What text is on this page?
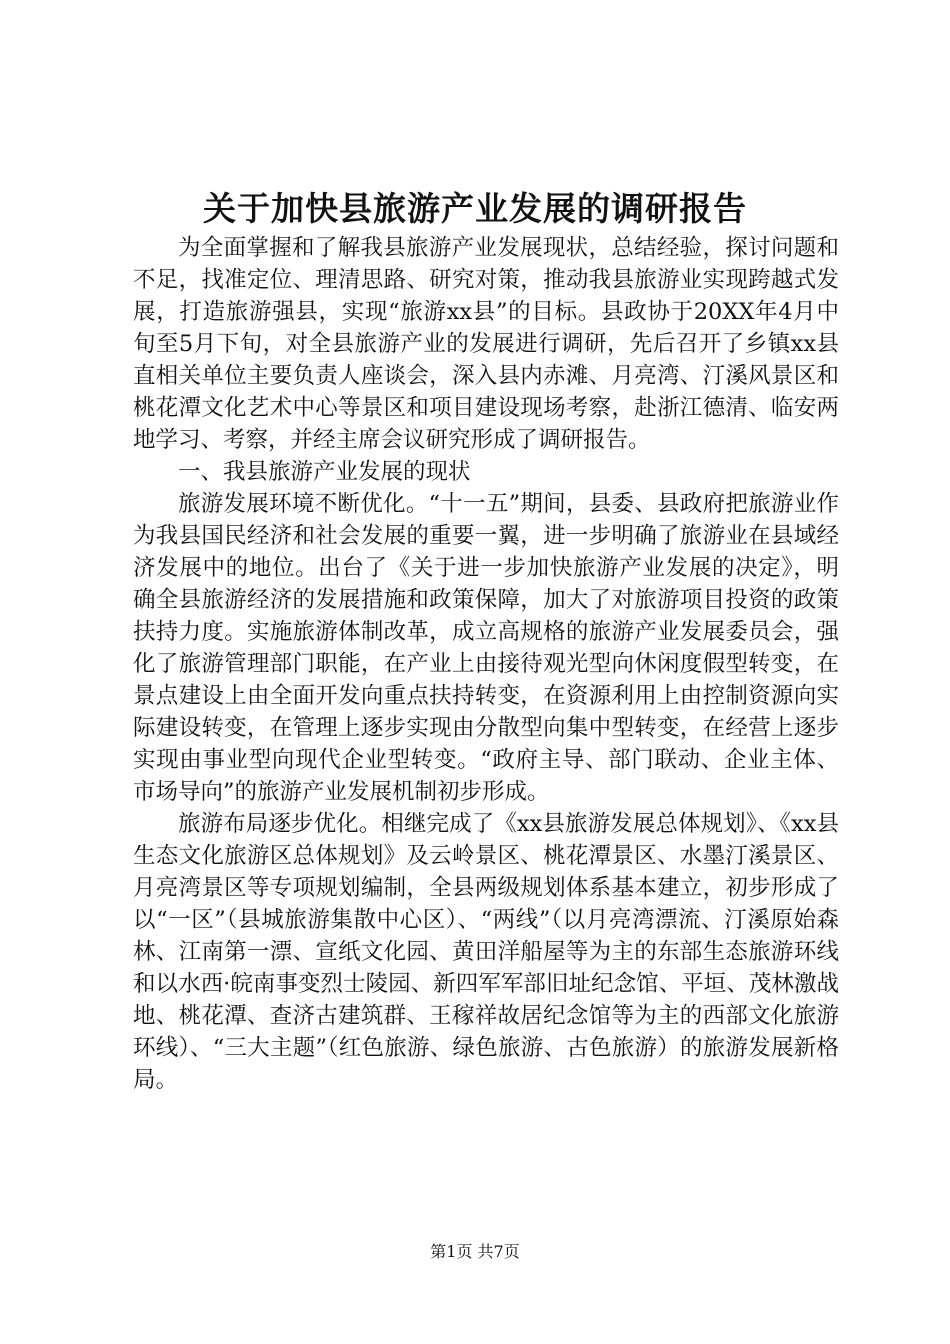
关于加快县旅游产业发展的调研报告

为全面掌握和了解我县旅游产业发展现状，总结经验，探讨问题和不足，找准定位、理清思路、研究对策，推动我县旅游业实现跨越式发展，打造旅游强县，实现“旅游xx县”的目标。县政协于20XX年4月中旬至5月下旬，对全县旅游产业的发展进行调研，先后召开了乡镇xx县直相关单位主要负责人座谈会，深入县内赤滩、月亮湾、汀溪风景区和桃花潭文化艺术中心等景区和项目建设现场考察，赴浙江德清、临安两地学习、考察，并经主席会议研究形成了调研报告。

一、我县旅游产业发展的现状

旅游发展环境不断优化。“十一五”期间，县委、县政府把旅游业作为我县国民经济和社会发展的重要一翼，进一步明确了旅游业在县域经济发展中的地位。出台了《关于进一步加快旅游产业发展的决定》，明确全县旅游经济的发展措施和政策保障，加大了对旅游项目投资的政策扶持力度。实施旅游体制改革，成立高规格的旅游产业发展委员会，强化了旅游管理部门职能，在产业上由接待观光型向休闲度假型转变，在景点建设上由全面开发向重点扶持转变，在资源利用上由控制资源向实际建设转变，在管理上逐步实现由分散型向集中型转变，在经营上逐步实现由事业型向现代企业型转变。“政府主导、部门联动、企业主体、市场导向”的旅游产业发展机制初步形成。

旅游布局逐步优化。相继完成了《xx县旅游发展总体规划》、《xx县生态文化旅游区总体规划》及云岭景区、桃花潭景区、水墨汀溪景区、月亮湾景区等专项规划编制，全县两级规划体系基本建立，初步形成了以“一区”（县城旅游集散中心区）、“两线”（以月亮湾漂流、汀溪原始森林、江南第一漂、宣纸文化园、黄田洋船屋等为主的东部生态旅游环线和以水西·皖南事变烈士陵园、新四军军部旧址纪念馆、平垣、茂林激战地、桃花潭、查济古建筑群、王稼祥故居纪念馆等为主的西部文化旅游环线）、“三大主题”（红色旅游、绿色旅游、古色旅游）的旅游发展新格局。

第1页 共7页
